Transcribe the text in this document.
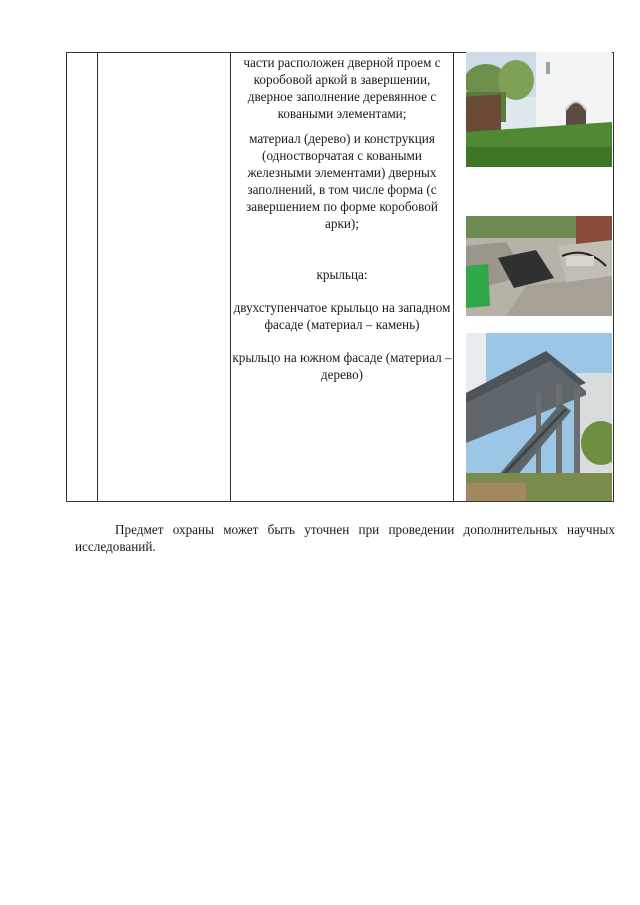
части расположен дверной проем с коробовой аркой в завершении, дверное заполнение деревянное с коваными элементами;

материал (дерево) и конструкция (одностворчатая с коваными железными элементами) дверных заполнений, в том числе форма (с завершением по форме коробовой арки);

крыльца:

двухступенчатое крыльцо на западном фасаде (материал – камень)

крыльцо на южном фасаде (материал – дерево)

Предмет охраны может быть уточнен при проведении дополнительных научных исследований.
